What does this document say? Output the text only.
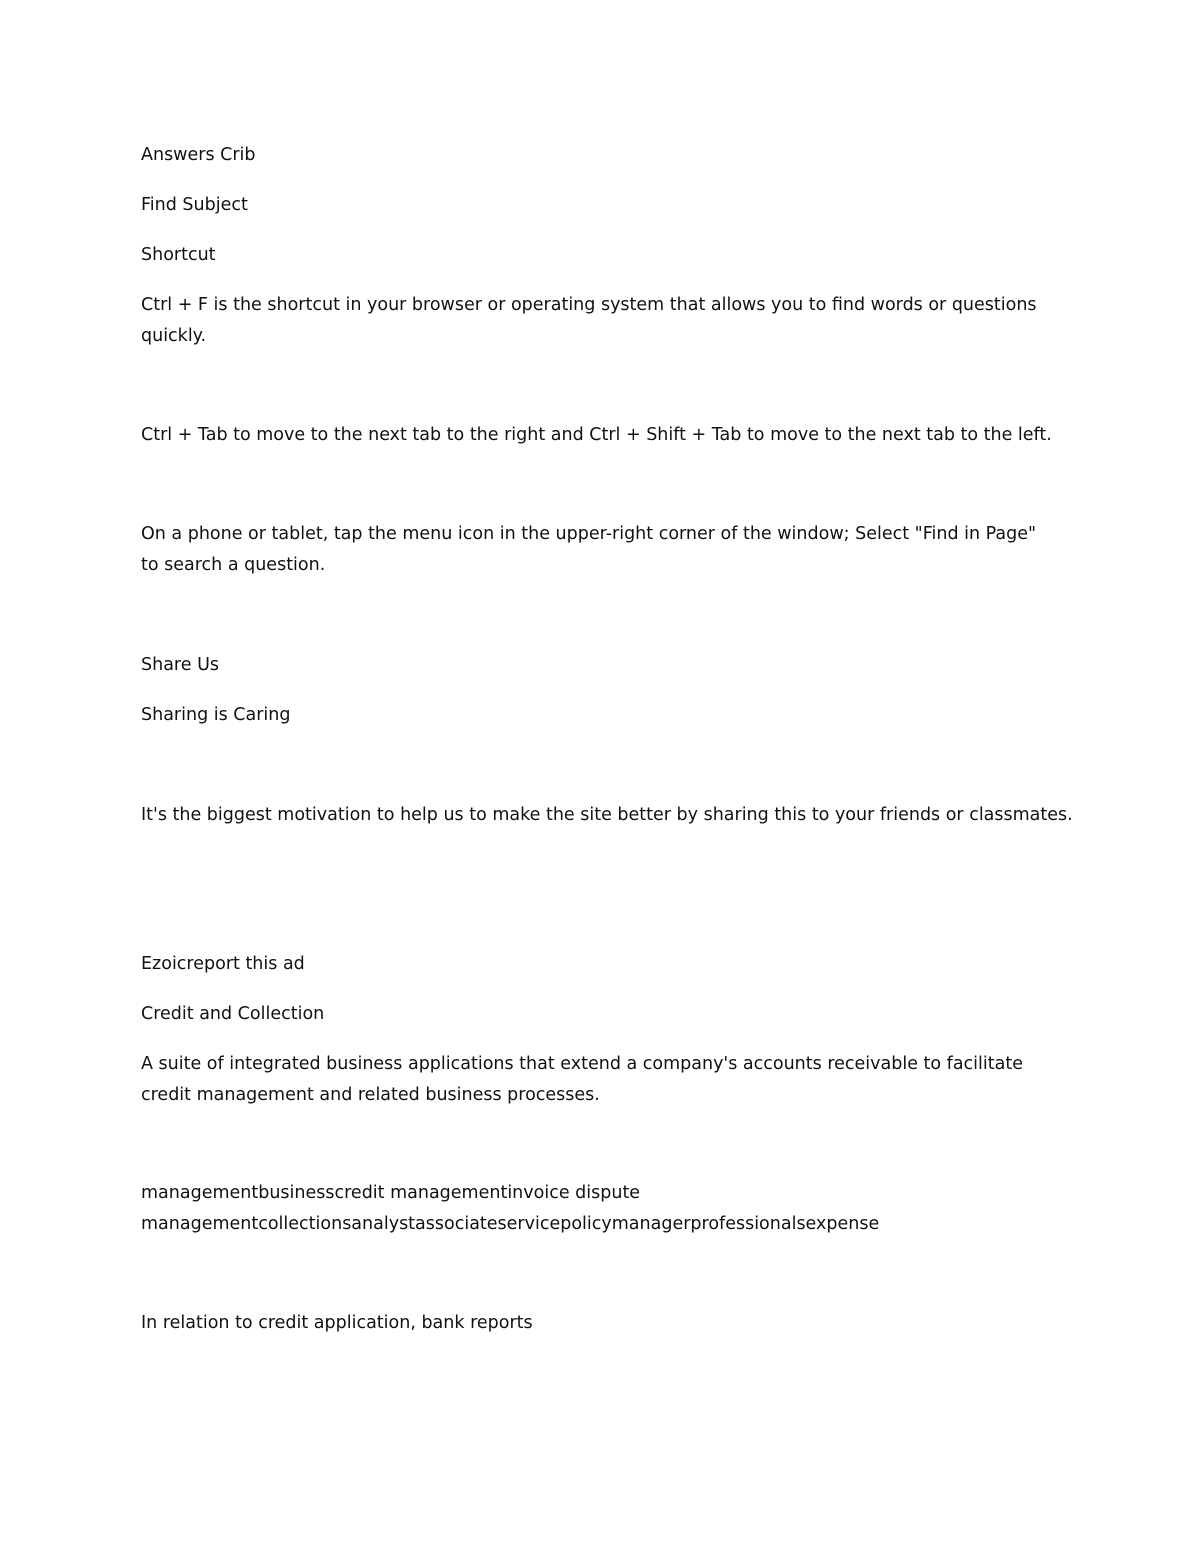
Answers Crib

Find Subject

Shortcut

Ctrl + F is the shortcut in your browser or operating system that allows you to find words or questions
quickly.

Ctrl + Tab to move to the next tab to the right and Ctrl + Shift + Tab to move to the next tab to the left.

On a phone or tablet, tap the menu icon in the upper-right corner of the window; Select "Find in Page"
to search a question.

Share Us

Sharing is Caring

It's the biggest motivation to help us to make the site better by sharing this to your friends or classmates.

Ezoicreport this ad

Credit and Collection

A suite of integrated business applications that extend a company's accounts receivable to facilitate
credit management and related business processes.
managementbusinesscredit managementinvoice dispute
managementcollectionsanalystassociateservicepolicymanagerprofessionalsexpense

In relation to credit application, bank reports
